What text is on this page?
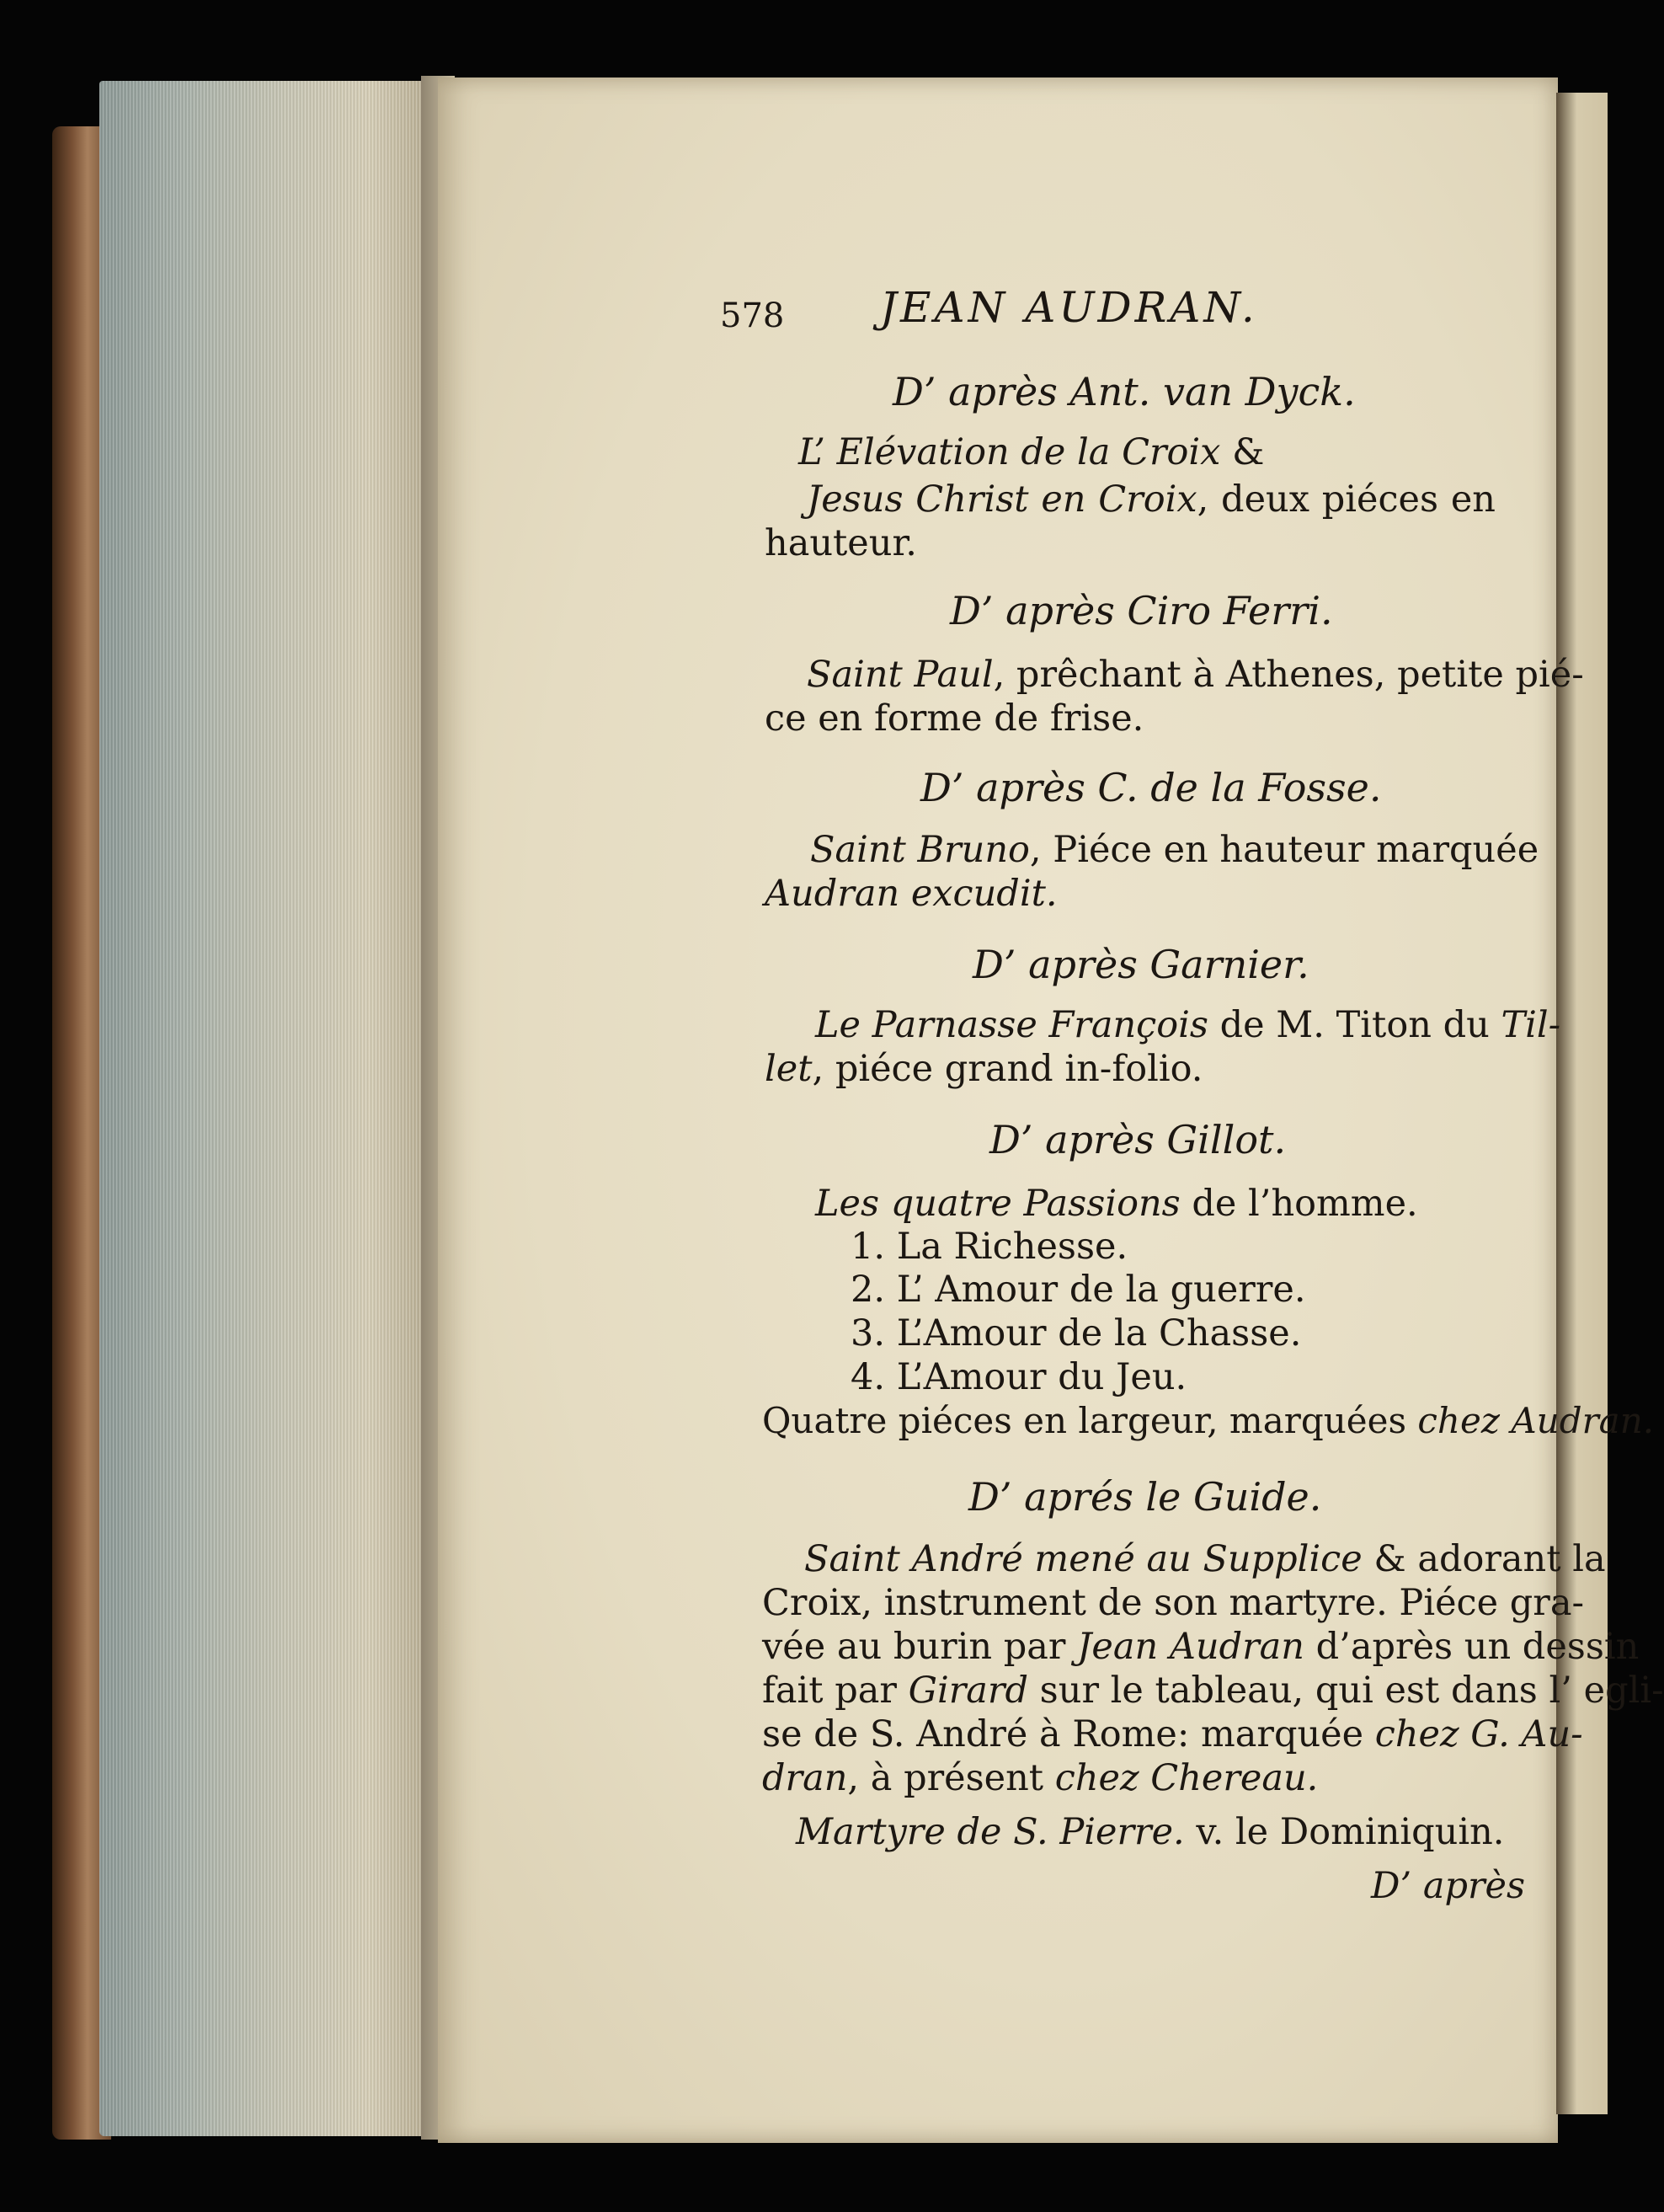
578 JEAN AUDRAN.
D’ après Ant. van Dyck.
L’ Elévation de la Croix &
Jesus Christ en Croix, deux piéces en
hauteur.
D’ après Ciro Ferri.
Saint Paul, prêchant à Athenes, petite pié-
ce en forme de frise.
D’ après C. de la Fosse.
Saint Bruno, Piéce en hauteur marquée
Audran excudit.
D’ après Garnier.
Le Parnasse François de M. Titon du Til-
let, piéce grand in-folio.
D’ après Gillot.
Les quatre Passions de l’homme.
1. La Richesse.
2. L’ Amour de la guerre.
3. L’Amour de la Chasse.
4. L’Amour du Jeu.
Quatre piéces en largeur, marquées chez Audran.
D’ aprés le Guide.
Saint André mené au Supplice & adorant la
Croix, instrument de son martyre. Piéce gra-
vée au burin par Jean Audran d’après un dessin
fait par Girard sur le tableau, qui est dans l’ egli-
se de S. André à Rome: marquée chez G. Au-
dran, à présent chez Chereau.
Martyre de S. Pierre. v. le Dominiquin.
D’ après
